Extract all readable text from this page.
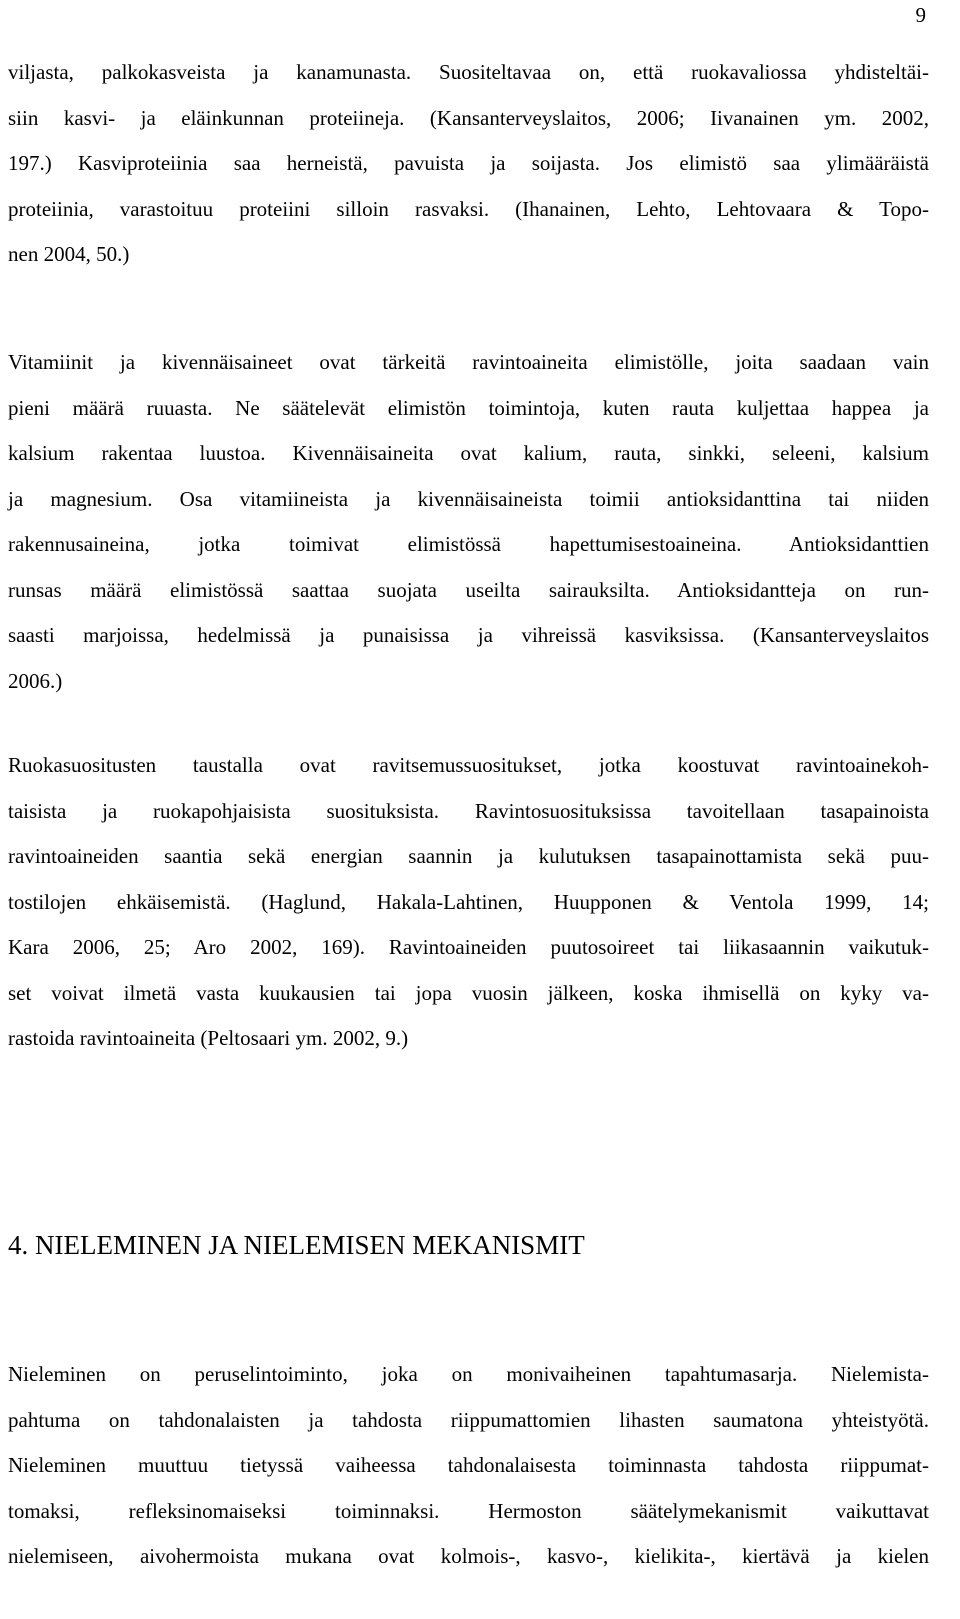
9

viljasta, palkokasveista ja kanamunasta. Suositeltavaa on, että ruokavaliossa yhdisteltäi-

siin kasvi- ja eläinkunnan proteiineja. (Kansanterveyslaitos, 2006; Iivanainen ym. 2002,

197.) Kasviproteiinia saa herneistä, pavuista ja soijasta. Jos elimistö saa ylimääräistä

proteiinia, varastoituu proteiini silloin rasvaksi. (Ihanainen, Lehto, Lehtovaara & Topo-

nen 2004, 50.)

Vitamiinit ja kivennäisaineet ovat tärkeitä ravintoaineita elimistölle, joita saadaan vain

pieni määrä ruuasta. Ne säätelevät elimistön toimintoja, kuten rauta kuljettaa happea ja

kalsium rakentaa luustoa. Kivennäisaineita ovat kalium, rauta, sinkki, seleeni, kalsium

ja magnesium. Osa vitamiineista ja kivennäisaineista toimii antioksidanttina tai niiden

rakennusaineina, jotka toimivat elimistössä hapettumisestoaineina. Antioksidanttien

runsas määrä elimistössä saattaa suojata useilta sairauksilta. Antioksidantteja on run-

saasti marjoissa, hedelmissä ja punaisissa ja vihreissä kasviksissa. (Kansanterveyslaitos

2006.)

Ruokasuositusten taustalla ovat ravitsemussuositukset, jotka koostuvat ravintoainekoh-

taisista ja ruokapohjaisista suosituksista. Ravintosuosituksissa tavoitellaan tasapainoista

ravintoaineiden saantia sekä energian saannin ja kulutuksen tasapainottamista sekä puu-

tostilojen ehkäisemistä. (Haglund, Hakala-Lahtinen, Huupponen & Ventola 1999, 14;

Kara 2006, 25; Aro 2002, 169). Ravintoaineiden puutosoireet tai liikasaannin vaikutuk-

set voivat ilmetä vasta kuukausien tai jopa vuosin jälkeen, koska ihmisellä on kyky va-

rastoida ravintoaineita (Peltosaari ym. 2002, 9.)

4. NIELEMINEN JA NIELEMISEN MEKANISMIT

Nieleminen on peruselintoiminto, joka on monivaiheinen tapahtumasarja. Nielemista-

pahtuma on tahdonalaisten ja tahdosta riippumattomien lihasten saumatona yhteistyötä.

Nieleminen muuttuu tietyssä vaiheessa tahdonalaisesta toiminnasta tahdosta riippumat-

tomaksi, refleksinomaiseksi toiminnaksi. Hermoston säätelymekanismit vaikuttavat

nielemiseen, aivohermoista mukana ovat kolmois-, kasvo-, kielikita-, kiertävä ja kielen
